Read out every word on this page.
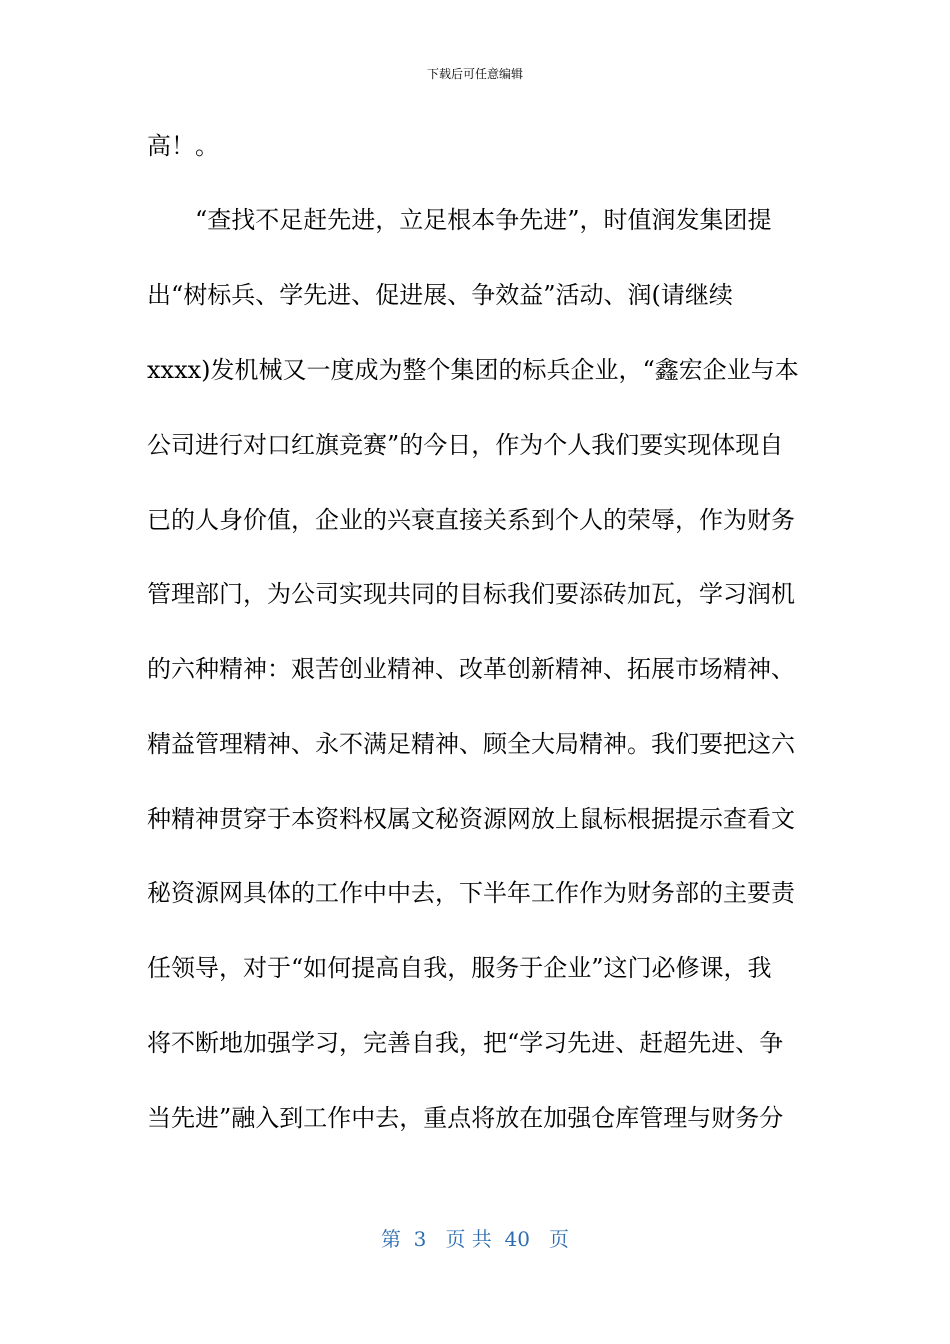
下载后可任意编辑
高！。
　　“查找不足赶先进，立足根本争先进”，时值润发集团提
出“树标兵、学先进、促进展、争效益”活动、润(请继续
xxxx)发机械又一度成为整个集团的标兵企业，“鑫宏企业与本
公司进行对口红旗竞赛”的今日，作为个人我们要实现体现自
已的人身价值，企业的兴衰直接关系到个人的荣辱，作为财务
管理部门，为公司实现共同的目标我们要添砖加瓦，学习润机
的六种精神：艰苦创业精神、改革创新精神、拓展市场精神、
精益管理精神、永不满足精神、顾全大局精神。我们要把这六
种精神贯穿于本资料权属文秘资源网放上鼠标根据提示查看文
秘资源网具体的工作中中去，下半年工作作为财务部的主要责
任领导，对于“如何提高自我，服务于企业”这门必修课，我
将不断地加强学习，完善自我，把“学习先进、赶超先进、争
当先进”融入到工作中去，重点将放在加强仓库管理与财务分
第  3   页 共  40   页
